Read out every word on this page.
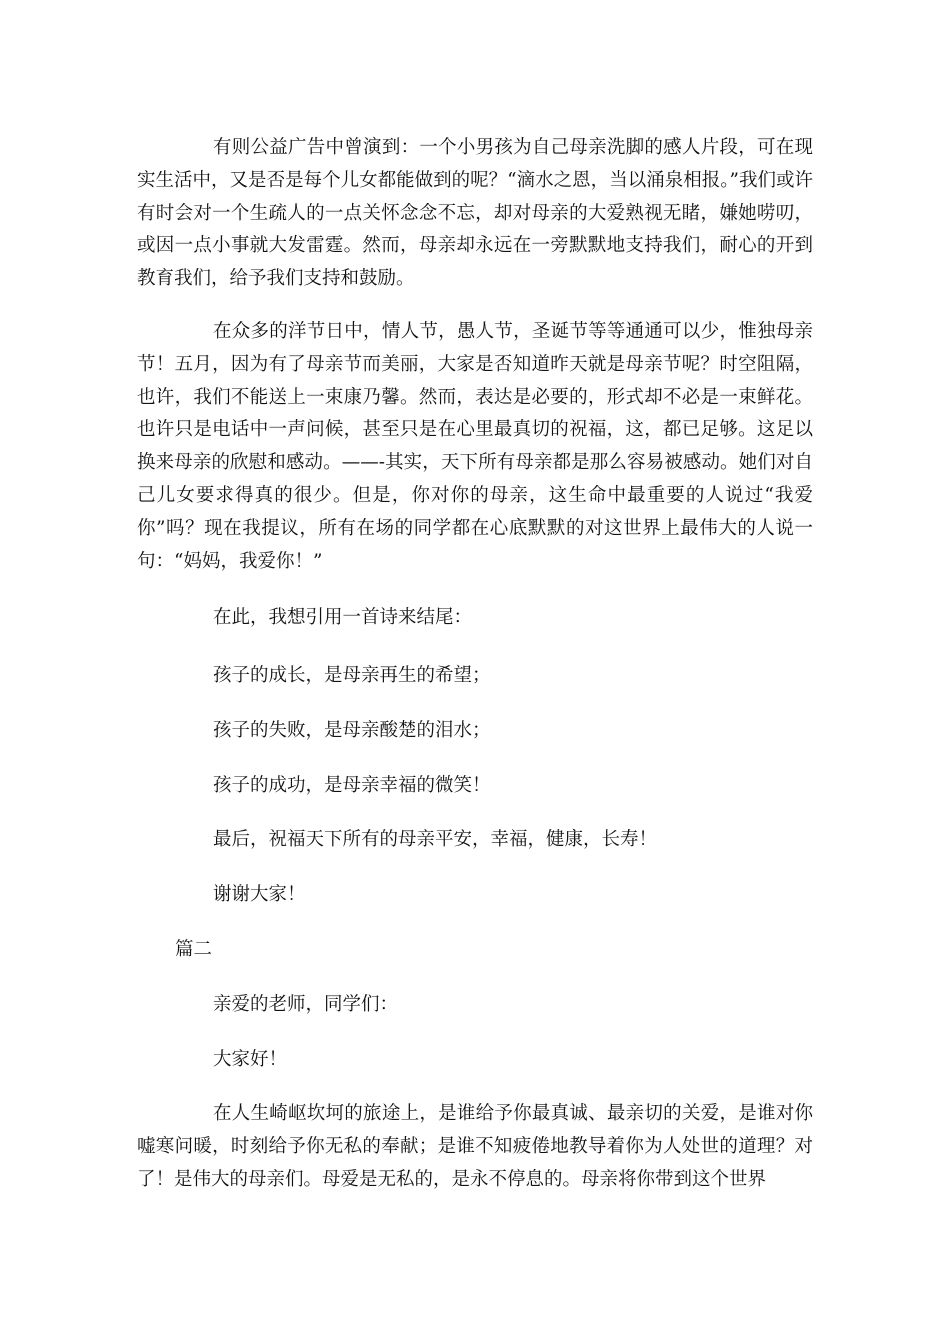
有则公益广告中曾演到：一个小男孩为自己母亲洗脚的感人片段，可在现实生活中，又是否是每个儿女都能做到的呢？“滴水之恩，当以涌泉相报。”我们或许有时会对一个生疏人的一点关怀念念不忘，却对母亲的大爱熟视无睹，嫌她唠叨，或因一点小事就大发雷霆。然而，母亲却永远在一旁默默地支持我们，耐心的开到教育我们，给予我们支持和鼓励。

在众多的洋节日中，情人节，愚人节，圣诞节等等通通可以少，惟独母亲节！五月，因为有了母亲节而美丽，大家是否知道昨天就是母亲节呢？时空阻隔，也许，我们不能送上一束康乃馨。然而，表达是必要的，形式却不必是一束鲜花。也许只是电话中一声问候，甚至只是在心里最真切的祝福，这，都已足够。这足以换来母亲的欣慰和感动。——-其实，天下所有母亲都是那么容易被感动。她们对自己儿女要求得真的很少。但是，你对你的母亲，这生命中最重要的人说过“我爱你”吗？现在我提议，所有在场的同学都在心底默默的对这世界上最伟大的人说一句：“妈妈，我爱你！”

在此，我想引用一首诗来结尾：

孩子的成长，是母亲再生的希望；

孩子的失败，是母亲酸楚的泪水；

孩子的成功，是母亲幸福的微笑！

最后，祝福天下所有的母亲平安，幸福，健康，长寿！

谢谢大家！

篇二

亲爱的老师，同学们：

大家好！

在人生崎岖坎坷的旅途上，是谁给予你最真诚、最亲切的关爱，是谁对你嘘寒问暖，时刻给予你无私的奉献；是谁不知疲倦地教导着你为人处世的道理？对了！是伟大的母亲们。母爱是无私的，是永不停息的。母亲将你带到这个世界
